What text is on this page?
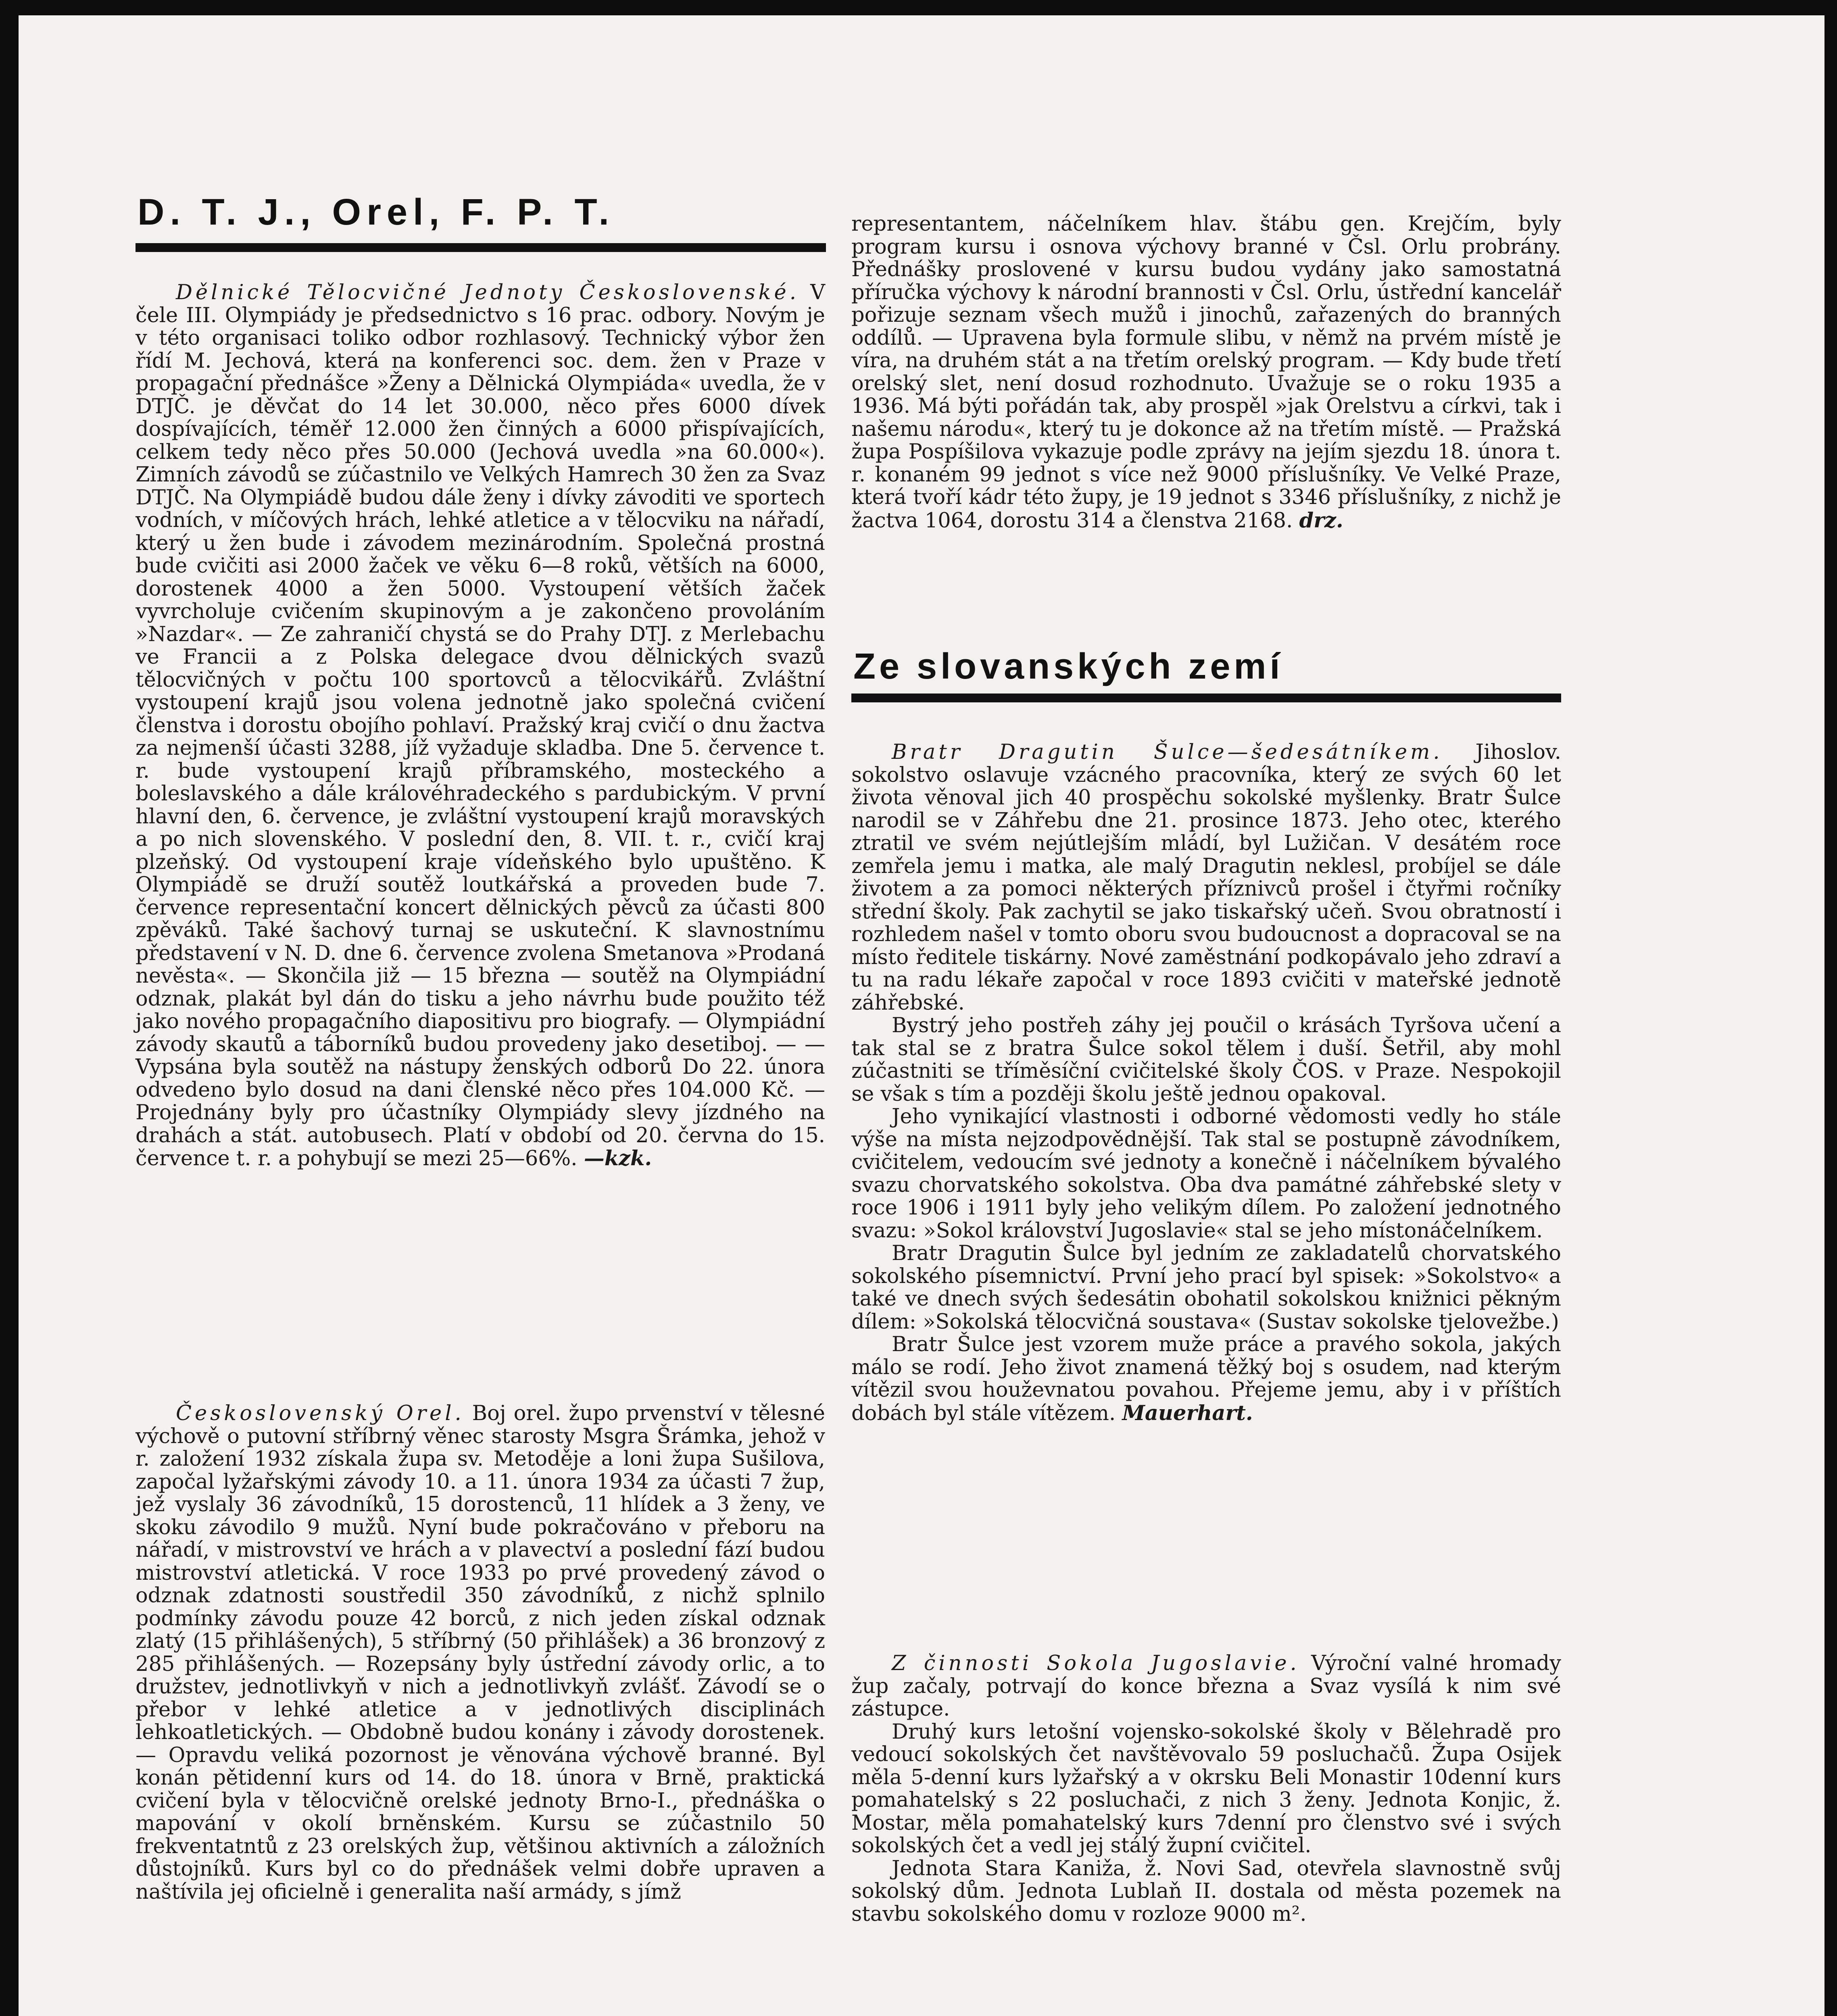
D. T. J., Orel, F. P. T.

Dělnické Tělocvičné Jednoty Československé. V čele III. Olympiády je předsednictvo s 16 prac. odbory. Novým je v této organisaci toliko odbor rozhlasový. Technický výbor žen řídí M. Jechová, která na konferenci soc. dem. žen v Praze v propagační přednášce »Ženy a Dělnická Olympiáda« uvedla, že v DTJČ. je děvčat do 14 let 30.000, něco přes 6000 dívek dospívajících, téměř 12.000 žen činných a 6000 přispívajících, celkem tedy něco přes 50.000 (Jechová uvedla »na 60.000«). Zimních závodů se zúčastnilo ve Velkých Hamrech 30 žen za Svaz DTJČ. Na Olympiádě budou dále ženy i dívky závoditi ve sportech vodních, v míčových hrách, lehké atletice a v tělocviku na nářadí, který u žen bude i závodem mezinárodním. Společná prostná bude cvičiti asi 2000 žaček ve věku 6—8 roků, větších na 6000, dorostenek 4000 a žen 5000. Vystoupení větších žaček vyvrcholuje cvičením skupinovým a je zakončeno provoláním »Nazdar«. — Ze zahraničí chystá se do Prahy DTJ. z Merlebachu ve Francii a z Polska delegace dvou dělnických svazů tělocvičných v počtu 100 sportovců a tělocvikářů. Zvláštní vystoupení krajů jsou volena jednotně jako společná cvičení členstva i dorostu obojího pohlaví. Pražský kraj cvičí o dnu žactva za nejmenší účasti 3288, jíž vyžaduje skladba. Dne 5. července t. r. bude vystoupení krajů příbramského, mosteckého a boleslavského a dále královéhradeckého s pardubickým. V první hlavní den, 6. července, je zvláštní vystoupení krajů moravských a po nich slovenského. V poslední den, 8. VII. t. r., cvičí kraj plzeňský. Od vystoupení kraje vídeňského bylo upuštěno. K Olympiádě se druží soutěž loutkářská a proveden bude 7. července representační koncert dělnických pěvců za účasti 800 zpěváků. Také šachový turnaj se uskuteční. K slavnostnímu představení v N. D. dne 6. července zvolena Smetanova »Prodaná nevěsta«. — Skončila již — 15 března — soutěž na Olympiádní odznak, plakát byl dán do tisku a jeho návrhu bude použito též jako nového propagačního diapositivu pro biografy. — Olympiádní závody skautů a táborníků budou provedeny jako desetiboj. — — Vypsána byla soutěž na nástupy ženských odborů Do 22. února odvedeno bylo dosud na dani členské něco přes 104.000 Kč. — Projednány byly pro účastníky Olympiády slevy jízdného na drahách a stát. autobusech. Platí v období od 20. června do 15. července t. r. a pohybují se mezi 25—66%. —kzk.

Československý Orel. Boj orel. župo prvenství v tělesné výchově o putovní stříbrný věnec starosty Msgra Šrámka, jehož v r. založení 1932 získala župa sv. Metoděje a loni župa Sušilova, započal lyžařskými závody 10. a 11. února 1934 za účasti 7 žup, jež vyslaly 36 závodníků, 15 dorostenců, 11 hlídek a 3 ženy, ve skoku závodilo 9 mužů. Nyní bude pokračováno v přeboru na nářadí, v mistrovství ve hrách a v plavectví a poslední fází budou mistrovství atletická. V roce 1933 po prvé provedený závod o odznak zdatnosti soustředil 350 závodníků, z nichž splnilo podmínky závodu pouze 42 borců, z nich jeden získal odznak zlatý (15 přihlášených), 5 stříbrný (50 přihlášek) a 36 bronzový z 285 přihlášených. — Rozepsány byly ústřední závody orlic, a to družstev, jednotlivkyň v nich a jednotlivkyň zvlášť. Závodí se o přebor v lehké atletice a v jednotlivých disciplinách lehkoatletických. — Obdobně budou konány i závody dorostenek. — Opravdu veliká pozornost je věnována výchově branné. Byl konán pětidenní kurs od 14. do 18. února v Brně, praktická cvičení byla v tělocvičně orelské jednoty Brno-I., přednáška o mapování v okolí brněnském. Kursu se zúčastnilo 50 frekventatntů z 23 orelských žup, většinou aktivních a záložních důstojníků. Kurs byl co do přednášek velmi dobře upraven a naštívila jej oficielně i generalita naší armády, s jímž

representantem, náčelníkem hlav. štábu gen. Krejčím, byly program kursu i osnova výchovy branné v Čsl. Orlu probrány. Přednášky proslovené v kursu budou vydány jako samostatná příručka výchovy k národní brannosti v Čsl. Orlu, ústřední kancelář pořizuje seznam všech mužů i jinochů, zařazených do branných oddílů. — Upravena byla formule slibu, v němž na prvém místě je víra, na druhém stát a na třetím orelský program. — Kdy bude třetí orelský slet, není dosud rozhodnuto. Uvažuje se o roku 1935 a 1936. Má býti pořádán tak, aby prospěl »jak Orelstvu a církvi, tak i našemu národu«, který tu je dokonce až na třetím místě. — Pražská župa Pospíšilova vykazuje podle zprávy na jejím sjezdu 18. února t. r. konaném 99 jednot s více než 9000 příslušníky. Ve Velké Praze, která tvoří kádr této župy, je 19 jednot s 3346 příslušníky, z nichž je žactva 1064, dorostu 314 a členstva 2168. drz.

Ze slovanských zemí

Bratr Dragutin Šulce—šedesátníkem. Jihoslov. sokolstvo oslavuje vzácného pracovníka, který ze svých 60 let života věnoval jich 40 prospěchu sokolské myšlenky. Bratr Šulce narodil se v Záhřebu dne 21. prosince 1873. Jeho otec, kterého ztratil ve svém nejútlejším mládí, byl Lužičan. V desátém roce zemřela jemu i matka, ale malý Dragutin neklesl, probíjel se dále životem a za pomoci některých příznivců prošel i čtyřmi ročníky střední školy. Pak zachytil se jako tiskařský učeň. Svou obratností i rozhledem našel v tomto oboru svou budoucnost a dopracoval se na místo ředitele tiskárny. Nové zaměstnání podkopávalo jeho zdraví a tu na radu lékaře započal v roce 1893 cvičiti v mateřské jednotě záhřebské.

Bystrý jeho postřeh záhy jej poučil o krásách Tyršova učení a tak stal se z bratra Šulce sokol tělem i duší. Šetřil, aby mohl zúčastniti se tříměsíční cvičitelské školy ČOS. v Praze. Nespokojil se však s tím a později školu ještě jednou opakoval.

Jeho vynikající vlastnosti i odborné vědomosti vedly ho stále výše na místa nejzodpovědnější. Tak stal se postupně závodníkem, cvičitelem, vedoucím své jednoty a konečně i náčelníkem bývalého svazu chorvatského sokolstva. Oba dva památné záhřebské slety v roce 1906 i 1911 byly jeho velikým dílem. Po založení jednotného svazu: »Sokol království Jugoslavie« stal se jeho místonáčelníkem.

Bratr Dragutin Šulce byl jedním ze zakladatelů chorvatského sokolského písemnictví. První jeho prací byl spisek: »Sokolstvo« a také ve dnech svých šedesátin obohatil sokolskou knižnici pěkným dílem: »Sokolská tělocvičná soustava« (Sustav sokolske tjelovežbe.)

Bratr Šulce jest vzorem muže práce a pravého sokola, jakých málo se rodí. Jeho život znamená těžký boj s osudem, nad kterým vítězil svou houževnatou povahou. Přejeme jemu, aby i v příštích dobách byl stále vítězem. Mauerhart.

Z činnosti Sokola Jugoslavie. Výroční valné hromady žup začaly, potrvají do konce března a Svaz vysílá k nim své zástupce.

Druhý kurs letošní vojensko-sokolské školy v Bělehradě pro vedoucí sokolských čet navštěvovalo 59 posluchačů. Župa Osijek měla 5-denní kurs lyžařský a v okrsku Beli Monastir 10denní kurs pomahatelský s 22 posluchači, z nich 3 ženy. Jednota Konjic, ž. Mostar, měla pomahatelský kurs 7denní pro členstvo své i svých sokolských čet a vedl jej stálý župní cvičitel.

Jednota Stara Kaniža, ž. Novi Sad, otevřela slavnostně svůj sokolský dům. Jednota Lublaň II. dostala od města pozemek na stavbu sokolského domu v rozloze 9000 m².
